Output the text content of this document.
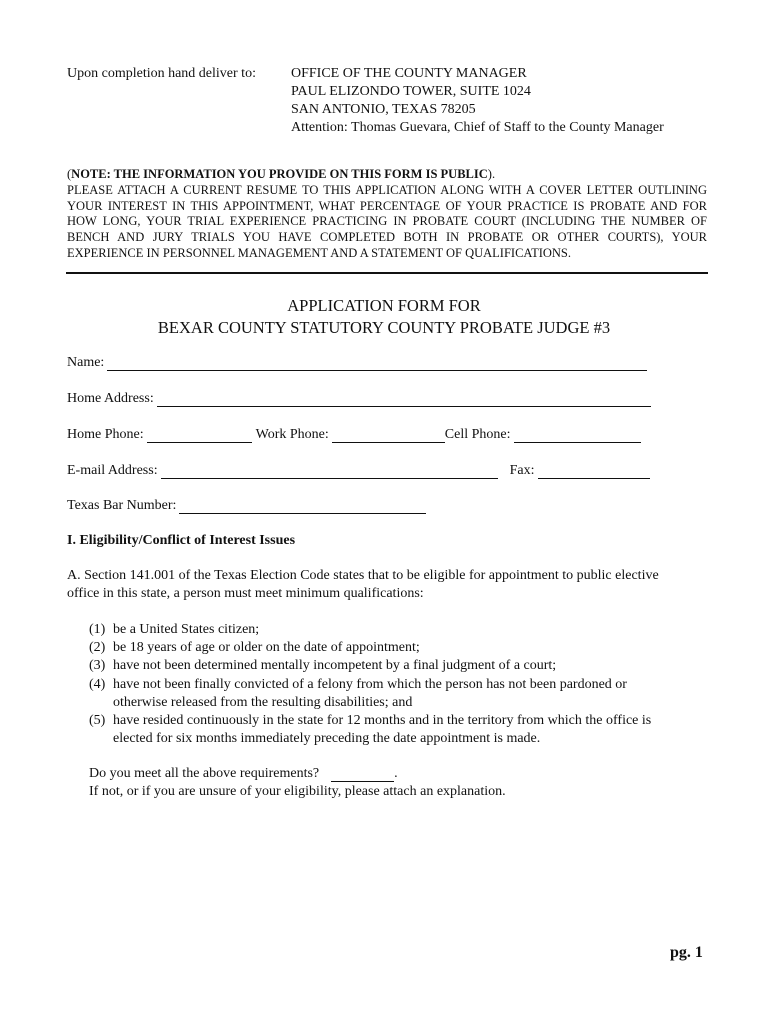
Upon completion hand deliver to:	OFFICE OF THE COUNTY MANAGER
PAUL ELIZONDO TOWER, SUITE 1024
SAN ANTONIO, TEXAS 78205
Attention: Thomas Guevara, Chief of Staff to the County Manager
(NOTE: THE INFORMATION YOU PROVIDE ON THIS FORM IS PUBLIC).
PLEASE ATTACH A CURRENT RESUME TO THIS APPLICATION ALONG WITH A COVER LETTER OUTLINING
YOUR INTEREST IN THIS APPOINTMENT, WHAT PERCENTAGE OF YOUR PRACTICE IS PROBATE AND FOR
HOW LONG, YOUR TRIAL EXPERIENCE PRACTICING IN PROBATE COURT (INCLUDING THE NUMBER OF
BENCH AND JURY TRIALS YOU HAVE COMPLETED BOTH IN PROBATE OR OTHER COURTS), YOUR
EXPERIENCE IN PERSONNEL MANAGEMENT AND A STATEMENT OF QUALIFICATIONS.
APPLICATION FORM FOR
BEXAR COUNTY STATUTORY COUNTY PROBATE JUDGE #3
Name:
Home Address:
Home Phone:	Work Phone:	Cell Phone:
E-mail Address:	Fax:
Texas Bar Number:
I. Eligibility/Conflict of Interest Issues
A. Section 141.001 of the Texas Election Code states that to be eligible for appointment to public elective
office in this state, a person must meet minimum qualifications:
(1) be a United States citizen;
(2) be 18 years of age or older on the date of appointment;
(3) have not been determined mentally incompetent by a final judgment of a court;
(4) have not been finally convicted of a felony from which the person has not been pardoned or
otherwise released from the resulting disabilities; and
(5) have resided continuously in the state for 12 months and in the territory from which the office is
elected for six months immediately preceding the date appointment is made.
Do you meet all the above requirements?	.
If not, or if you are unsure of your eligibility, please attach an explanation.
pg. 1
